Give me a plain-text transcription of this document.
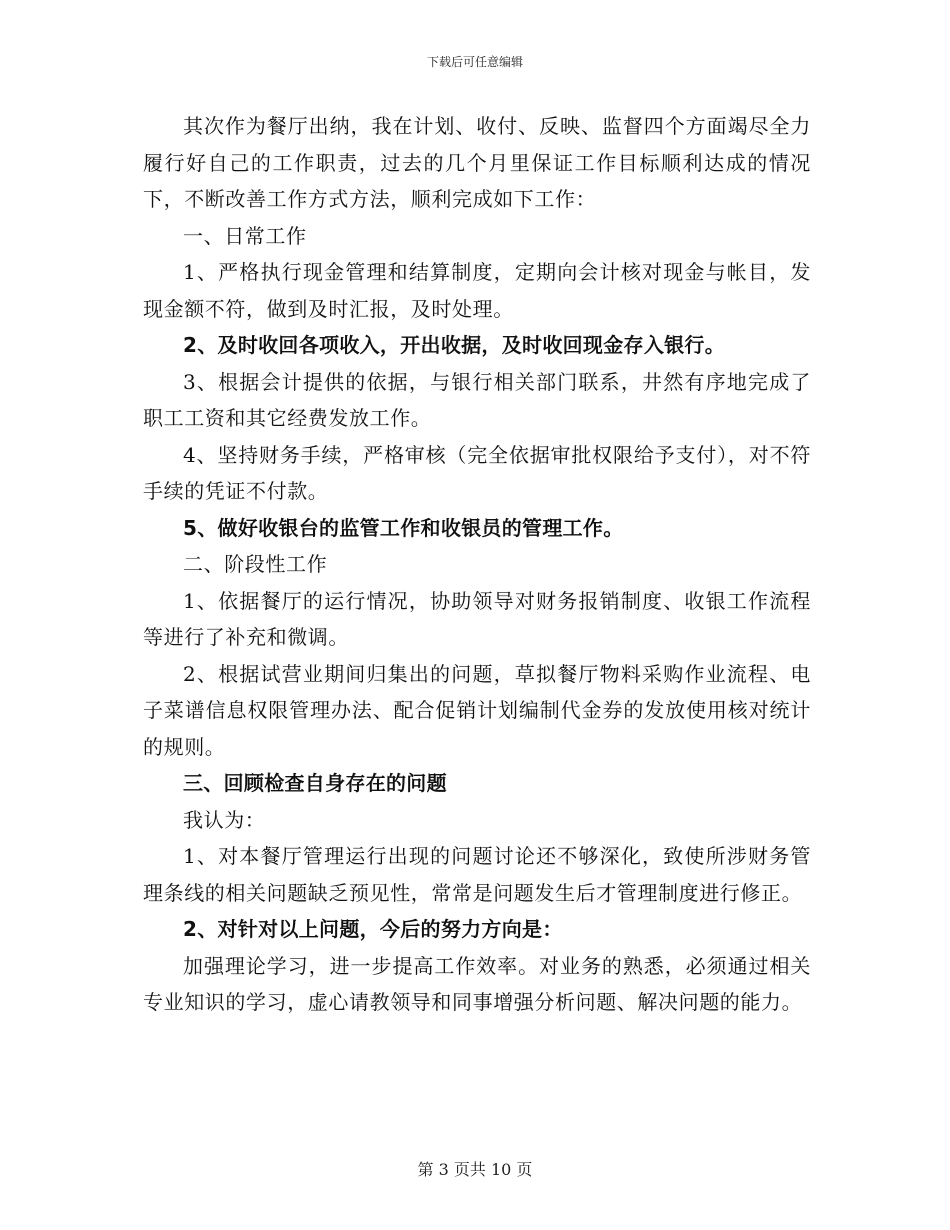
下载后可任意编辑

其次作为餐厅出纳，我在计划、收付、反映、监督四个方面竭尽全力履行好自己的工作职责，过去的几个月里保证工作目标顺利达成的情况下，不断改善工作方式方法，顺利完成如下工作：

一、日常工作

1、严格执行现金管理和结算制度，定期向会计核对现金与帐目，发现金额不符，做到及时汇报，及时处理。

2、及时收回各项收入，开出收据，及时收回现金存入银行。

3、根据会计提供的依据，与银行相关部门联系，井然有序地完成了职工工资和其它经费发放工作。

4、坚持财务手续，严格审核（完全依据审批权限给予支付），对不符手续的凭证不付款。

5、做好收银台的监管工作和收银员的管理工作。

二、阶段性工作

1、依据餐厅的运行情况，协助领导对财务报销制度、收银工作流程等进行了补充和微调。

2、根据试营业期间归集出的问题，草拟餐厅物料采购作业流程、电子菜谱信息权限管理办法、配合促销计划编制代金券的发放使用核对统计的规则。

三、回顾检查自身存在的问题

我认为：

1、对本餐厅管理运行出现的问题讨论还不够深化，致使所涉财务管理条线的相关问题缺乏预见性，常常是问题发生后才管理制度进行修正。

2、对针对以上问题，今后的努力方向是：

加强理论学习，进一步提高工作效率。对业务的熟悉，必须通过相关专业知识的学习，虚心请教领导和同事增强分析问题、解决问题的能力。

第 3 页共 10 页
